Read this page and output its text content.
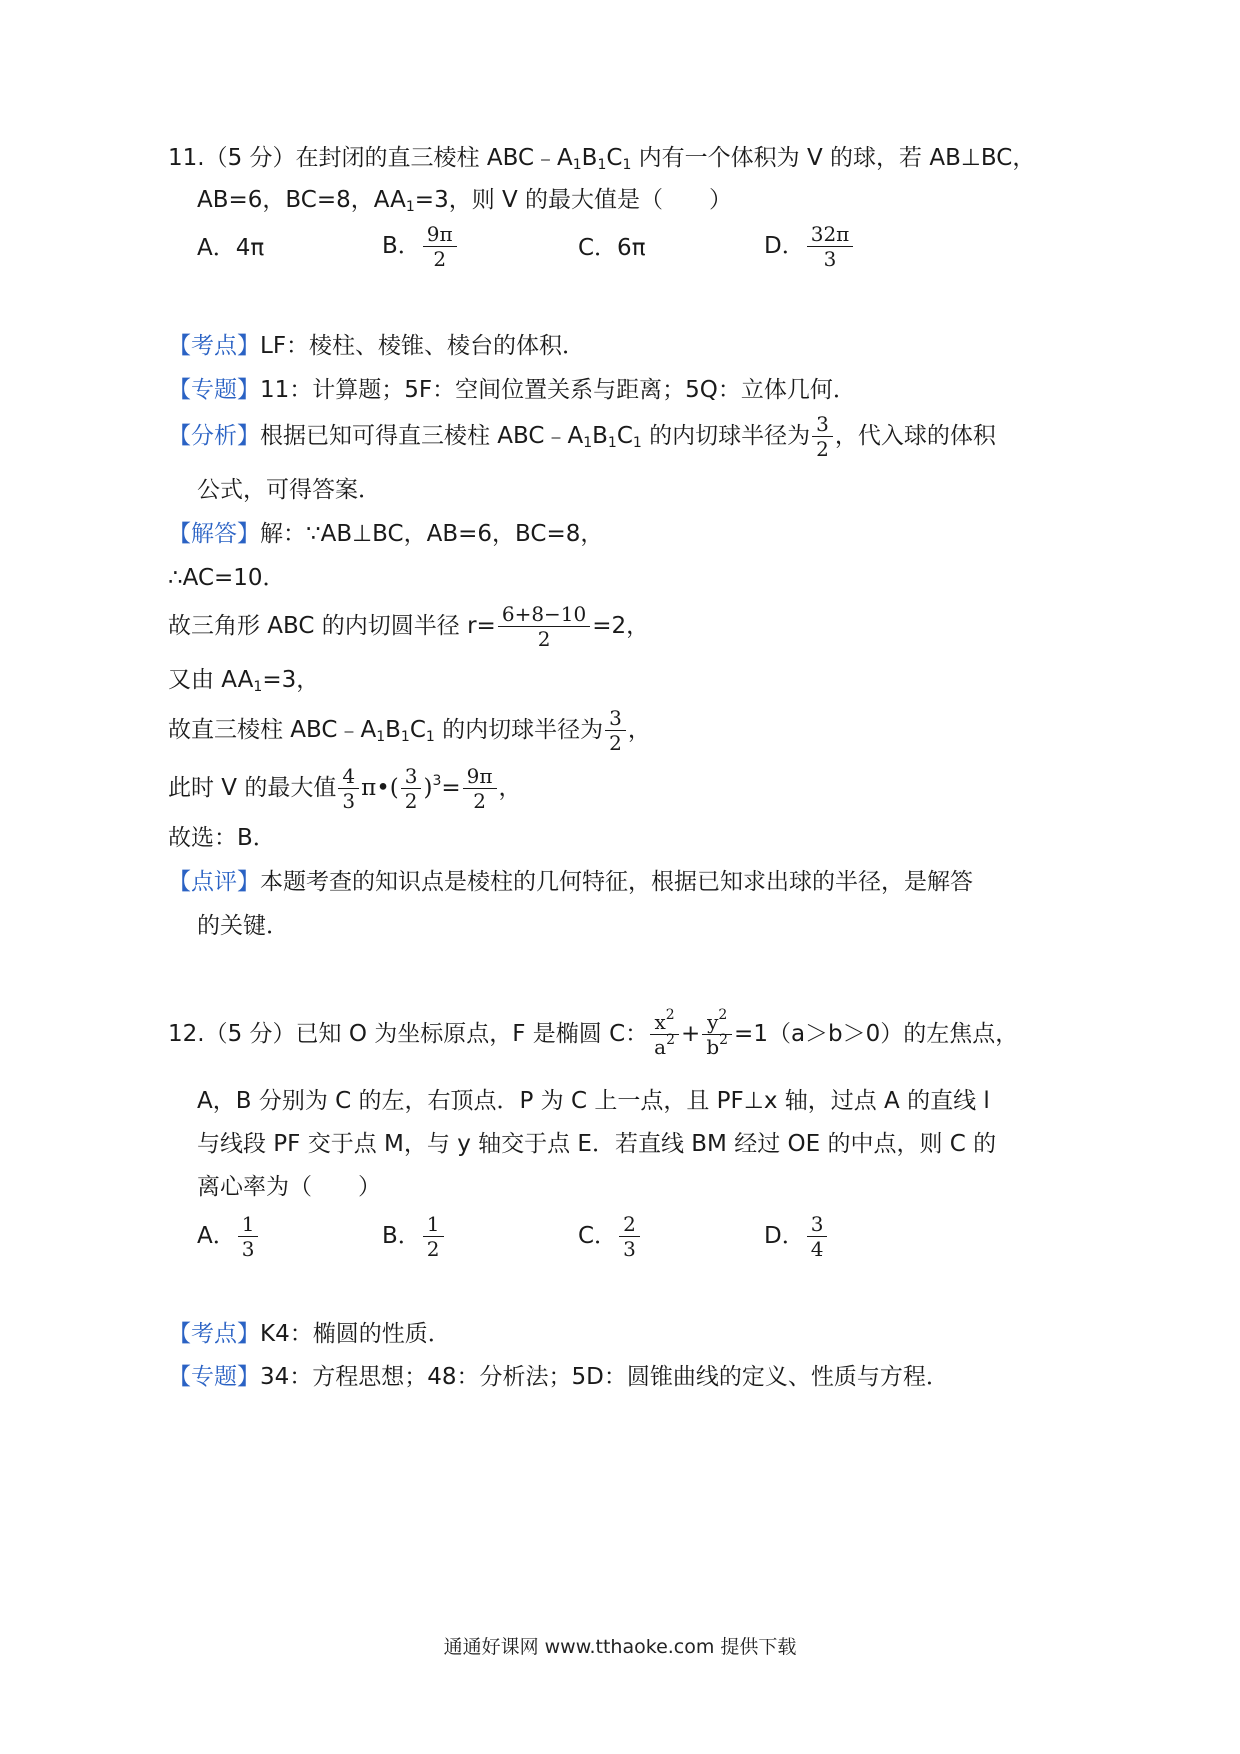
11.（5 分）在封闭的直三棱柱 $ABC﹣A_1B_1C_1$ 内有一个体积为 V 的球，若 AB⊥BC，
AB=6，BC=8，$AA_1=3$，则 V 的最大值是（　　）
A．4π	B． $\frac{9\pi}{2}$	C．6π	D． $\frac{32\pi}{3}$
【考点】LF：棱柱、棱锥、棱台的体积．
【专题】11：计算题；5F：空间位置关系与距离；5Q：立体几何．
【分析】根据已知可得直三棱柱 $ABC﹣A_1B_1C_1$ 的内切球半径为 $\frac{3}{2}$ ，代入球的体积
公式，可得答案．
【解答】解：∵AB⊥BC，AB=6，BC=8，
∴AC=10．
故三角形 ABC 的内切圆半径 $r= \frac{6+8-10}{2} =2$，
又由 $AA_1=3$，
故直三棱柱 $ABC﹣A_1B_1C_1$ 的内切球半径为 $\frac{3}{2}$ ，
此时 V 的最大值 $\frac{4}{3}$ π•( $\frac{3}{2} )^3= \frac{9\pi}{2}$ ，
故选：B．
【点评】本题考查的知识点是棱柱的几何特征，根据已知求出球的半径，是解答
的关键．
12.（5 分）已知 O 为坐标原点，F 是椭圆 C： $\frac{x^2}{a^2} + \frac{y^2}{b^2} =1(a>b>0)$的左焦点，
A，B 分别为 C 的左，右顶点．P 为 C 上一点，且 PF⊥x 轴，过点 A 的直线 l
与线段 PF 交于点 M，与 y 轴交于点 E．若直线 BM 经过 OE 的中点，则 C 的
离心率为（　　）
A． $\frac{1}{3}$	B． $\frac{1}{2}$	C． $\frac{2}{3}$	D． $\frac{3}{4}$
【考点】K4：椭圆的性质．
【专题】34：方程思想；48：分析法；5D：圆锥曲线的定义、性质与方程．
通通好课网 www.tthaoke.com 提供下载
